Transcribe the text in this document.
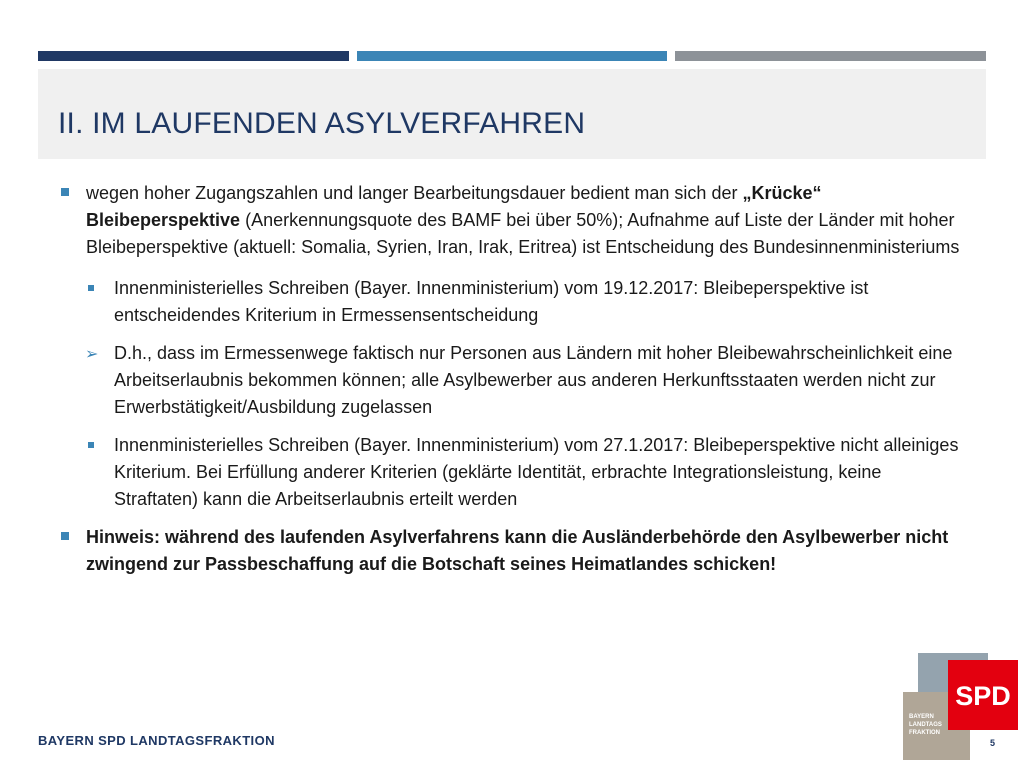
II. IM LAUFENDEN ASYLVERFAHREN
wegen hoher Zugangszahlen und langer Bearbeitungsdauer bedient man sich der „Krücke“ Bleibeperspektive (Anerkennungsquote des BAMF bei über 50%); Aufnahme auf Liste der Länder mit hoher Bleibeperspektive (aktuell: Somalia, Syrien, Iran, Irak, Eritrea) ist Entscheidung des Bundesinnenministeriums
Innenministerielles Schreiben (Bayer. Innenministerium) vom 19.12.2017: Bleibeperspektive ist entscheidendes Kriterium in Ermessensentscheidung
➢ D.h., dass im Ermessenwege faktisch nur Personen aus Ländern mit hoher Bleibewahrscheinlichkeit eine Arbeitserlaubnis bekommen können; alle Asylbewerber aus anderen Herkunftsstaaten werden nicht zur Erwerbstätigkeit/Ausbildung zugelassen
Innenministerielles Schreiben (Bayer. Innenministerium) vom 27.1.2017: Bleibeperspektive nicht alleiniges Kriterium. Bei Erfüllung anderer Kriterien (geklärte Identität, erbrachte Integrationsleistung, keine Straftaten) kann die Arbeitserlaubnis erteilt werden
Hinweis: während des laufenden Asylverfahrens kann die Ausländerbehörde den Asylbewerber nicht zwingend zur Passbeschaffung auf die Botschaft seines Heimatlandes schicken!
BAYERN SPD LANDTAGSFRAKTION	5
SPD
BAYERN
LANDTAGS
FRAKTION
